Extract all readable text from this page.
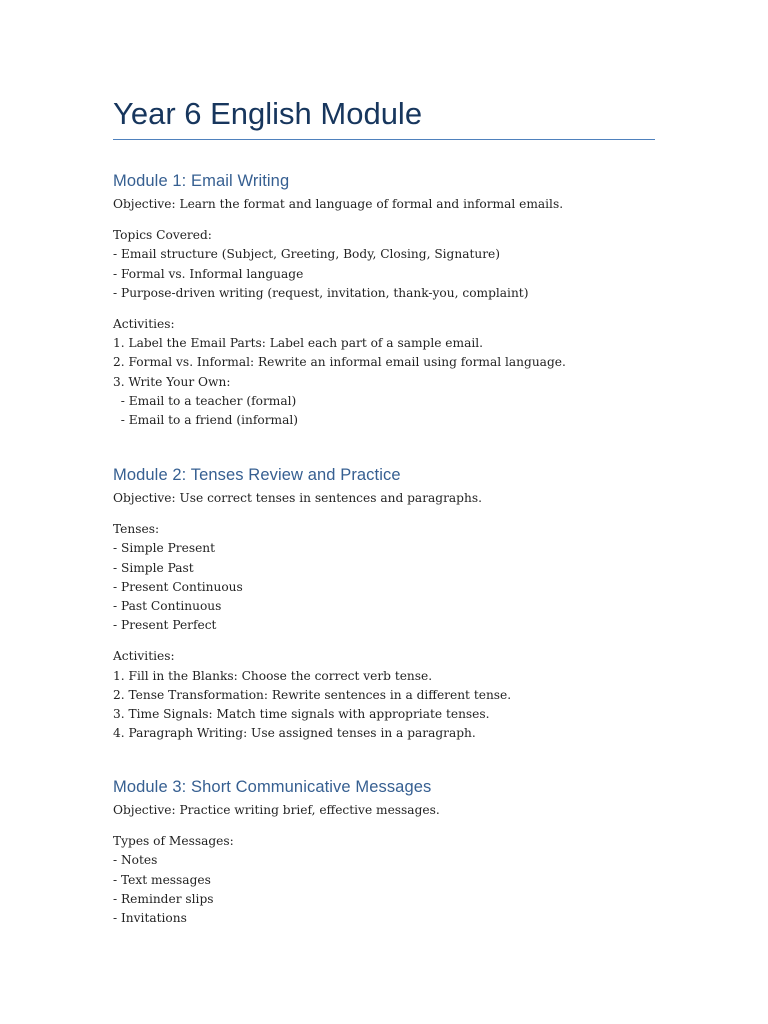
Year 6 English Module
Module 1: Email Writing

Objective: Learn the format and language of formal and informal emails.

Topics Covered:
- Email structure (Subject, Greeting, Body, Closing, Signature)
- Formal vs. Informal language
- Purpose-driven writing (request, invitation, thank-you, complaint)

Activities:
1. Label the Email Parts: Label each part of a sample email.
2. Formal vs. Informal: Rewrite an informal email using formal language.
3. Write Your Own:
- Email to a teacher (formal)
- Email to a friend (informal)

Module 2: Tenses Review and Practice

Objective: Use correct tenses in sentences and paragraphs.

Tenses:
- Simple Present
- Simple Past
- Present Continuous
- Past Continuous
- Present Perfect

Activities:
1. Fill in the Blanks: Choose the correct verb tense.
2. Tense Transformation: Rewrite sentences in a different tense.
3. Time Signals: Match time signals with appropriate tenses.
4. Paragraph Writing: Use assigned tenses in a paragraph.

Module 3: Short Communicative Messages

Objective: Practice writing brief, effective messages.

Types of Messages:
- Notes
- Text messages
- Reminder slips
- Invitations
